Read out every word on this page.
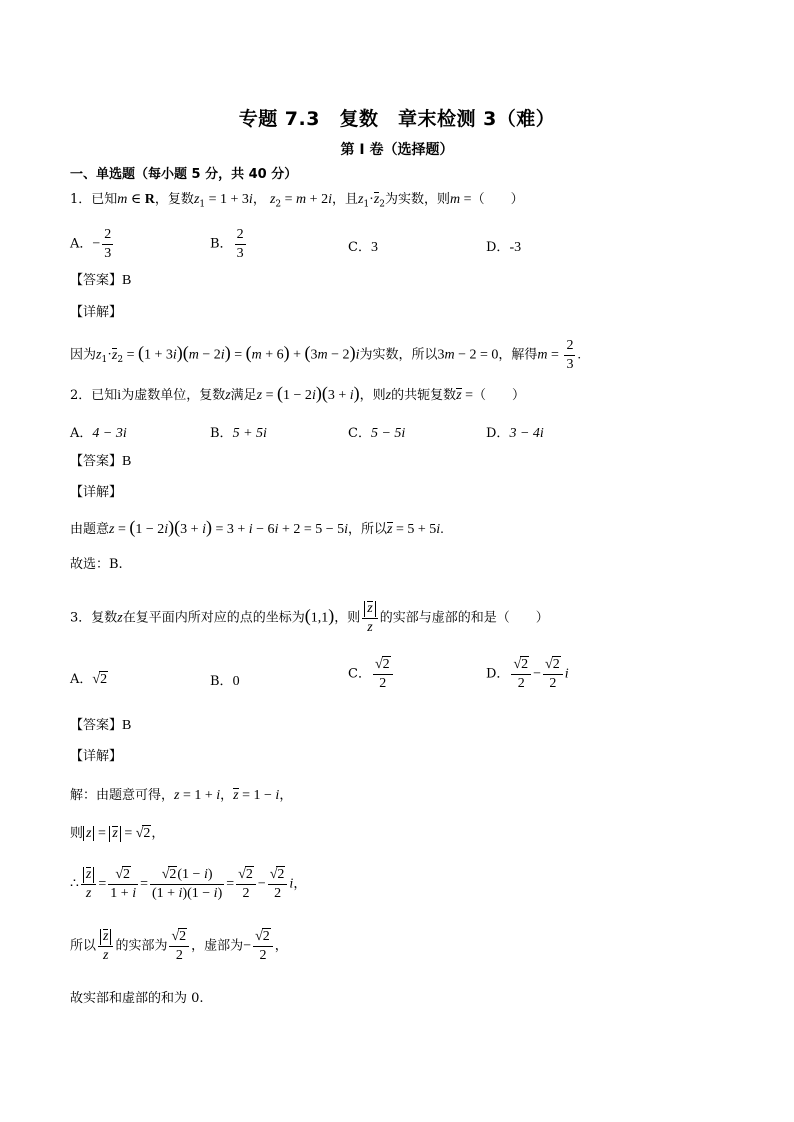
专题 7.3　复数　章末检测 3（难）
第 I 卷（选择题）
一、单选题（每小题 5 分，共 40 分）
1．已知m ∈ R，复数$z_1 = 1 + 3i$， $z_2 = m + 2i$，且$z_1\cdot z_2$为实数，则m =（　　）
A．− $\frac{2}{3}$	B． $\frac{2}{3}$	C．3	D．-3
【答案】B
【详解】
因为$z_1\cdot z_2 = (1 + 3i)(m - 2i) = (m + 6) + (3m - 2)i$为实数，所以3m − 2 = 0，解得$m = \frac{2}{3}$ .
2．已知i为虚数单位，复数z满足z = (1 − 2i)(3 + i)，则z的共轭复数z =（　　）
A．4 − 3i	B．5 + 5i	C．5 − 5i	D．3 − 4i
【答案】B
【详解】
由题意z = (1 − 2i)(3 + i) = 3 + i − 6i + 2 = 5 − 5i，所以z = 5 + 5i.
故选：B.
3．复数z在复平面内所对应的点的坐标为(1,1)，则 $\frac{z}{z}$ 的实部与虚部的和是（　　）
A．√2	B．0	C． $\frac{√2}{2}$	D． $\frac{√2}{2} - \frac{√2}{2}$ i
【答案】B
【详解】
解：由题意可得，z = 1 + i，z = 1 − i，
则 z = z = √2，
∴ $\frac{z}{z} = \frac{√2}{1 + i} = \frac{√2(1 - i)}{(1 + i)(1 - i)} = \frac{√2}{2} - \frac{√2}{2}$ i，
所以 $\frac{z}{z}$ 的实部为 $\frac{√2}{2}$ ，虚部为− $\frac{√2}{2}$ ，
故实部和虚部的和为 0.
